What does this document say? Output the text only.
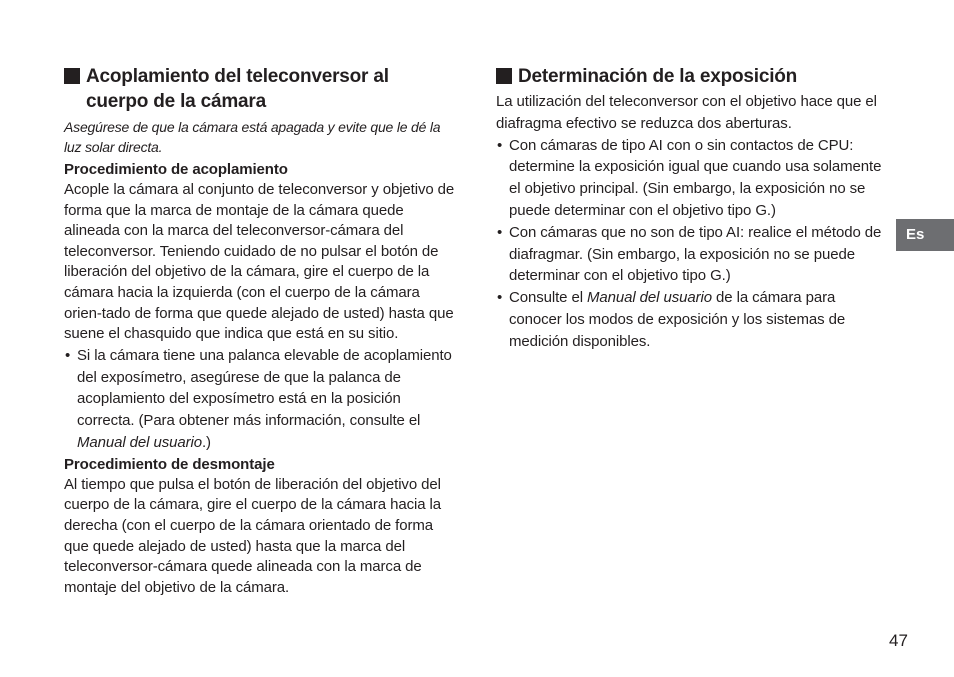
Acoplamiento del teleconversor al
cuerpo de la cámara

Asegúrese de que la cámara está apagada y evite que le dé la luz solar directa.

Procedimiento de acoplamiento

Acople la cámara al conjunto de teleconversor y objetivo de forma que la marca de montaje de la cámara quede alineada con la marca del teleconversor-cámara del teleconversor. Teniendo cuidado de no pulsar el botón de liberación del objetivo de la cámara, gire el cuerpo de la cámara hacia la izquierda (con el cuerpo de la cámara orien-tado de forma que quede alejado de usted) hasta que suene el chasquido que indica que está en su sitio.

• Si la cámara tiene una palanca elevable de acoplamiento del exposímetro, asegúrese de que la palanca de acoplamiento del exposímetro está en la posición correcta. (Para obtener más información, consulte el Manual del usuario.)

Procedimiento de desmontaje

Al tiempo que pulsa el botón de liberación del objetivo del cuerpo de la cámara, gire el cuerpo de la cámara hacia la derecha (con el cuerpo de la cámara orientado de forma que quede alejado de usted) hasta que la marca del teleconversor-cámara quede alineada con la marca de montaje del objetivo de la cámara.

Determinación de la exposición

La utilización del teleconversor con el objetivo hace que el diafragma efectivo se reduzca dos aberturas.

• Con cámaras de tipo AI con o sin contactos de CPU: determine la exposición igual que cuando usa solamente el objetivo principal. (Sin embargo, la exposición no se puede determinar con el objetivo tipo G.)
• Con cámaras que no son de tipo AI: realice el método de diafragmar. (Sin embargo, la exposición no se puede determinar con el objetivo tipo G.)
• Consulte el Manual del usuario de la cámara para conocer los modos de exposición y los sistemas de medición disponibles.
Es
47
